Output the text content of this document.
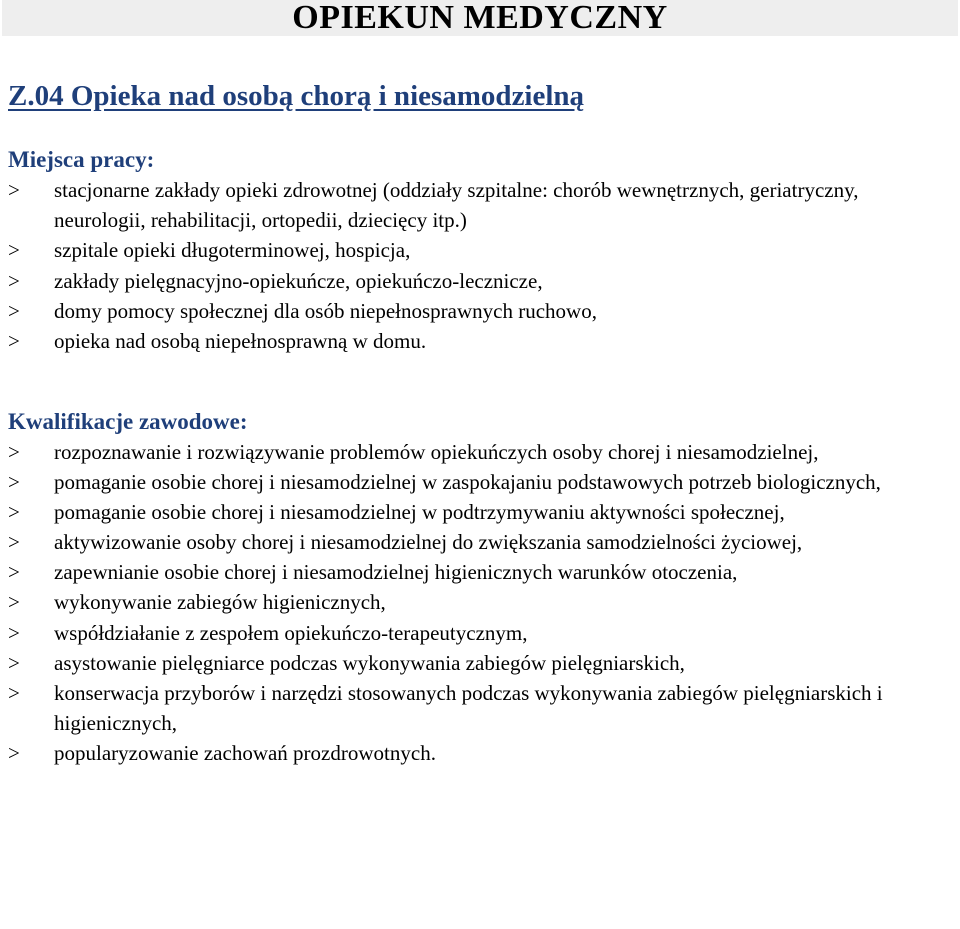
OPIEKUN MEDYCZNY
Z.04 Opieka nad osobą chorą i niesamodzielną
Miejsca pracy:
> stacjonarne zakłady opieki zdrowotnej (oddziały szpitalne: chorób wewnętrznych, geriatryczny, neurologii, rehabilitacji, ortopedii, dziecięcy itp.)
> szpitale opieki długoterminowej, hospicja,
> zakłady pielęgnacyjno-opiekuńcze, opiekuńczo-lecznicze,
> domy pomocy społecznej dla osób niepełnosprawnych ruchowo,
> opieka nad osobą niepełnosprawną w domu.
Kwalifikacje zawodowe:
> rozpoznawanie i rozwiązywanie problemów opiekuńczych osoby chorej i niesamodzielnej,
> pomaganie osobie chorej i niesamodzielnej w zaspokajaniu podstawowych potrzeb biologicznych,
> pomaganie osobie chorej i niesamodzielnej w podtrzymywaniu aktywności społecznej,
> aktywizowanie osoby chorej i niesamodzielnej do zwiększania samodzielności życiowej,
> zapewnianie osobie chorej i niesamodzielnej higienicznych warunków otoczenia,
> wykonywanie zabiegów higienicznych,
> współdziałanie z zespołem opiekuńczo-terapeutycznym,
> asystowanie pielęgniarce podczas wykonywania zabiegów pielęgniarskich,
> konserwacja przyborów i narzędzi stosowanych podczas wykonywania zabiegów pielęgniarskich i higienicznych,
> popularyzowanie zachowań prozdrowotnych.
